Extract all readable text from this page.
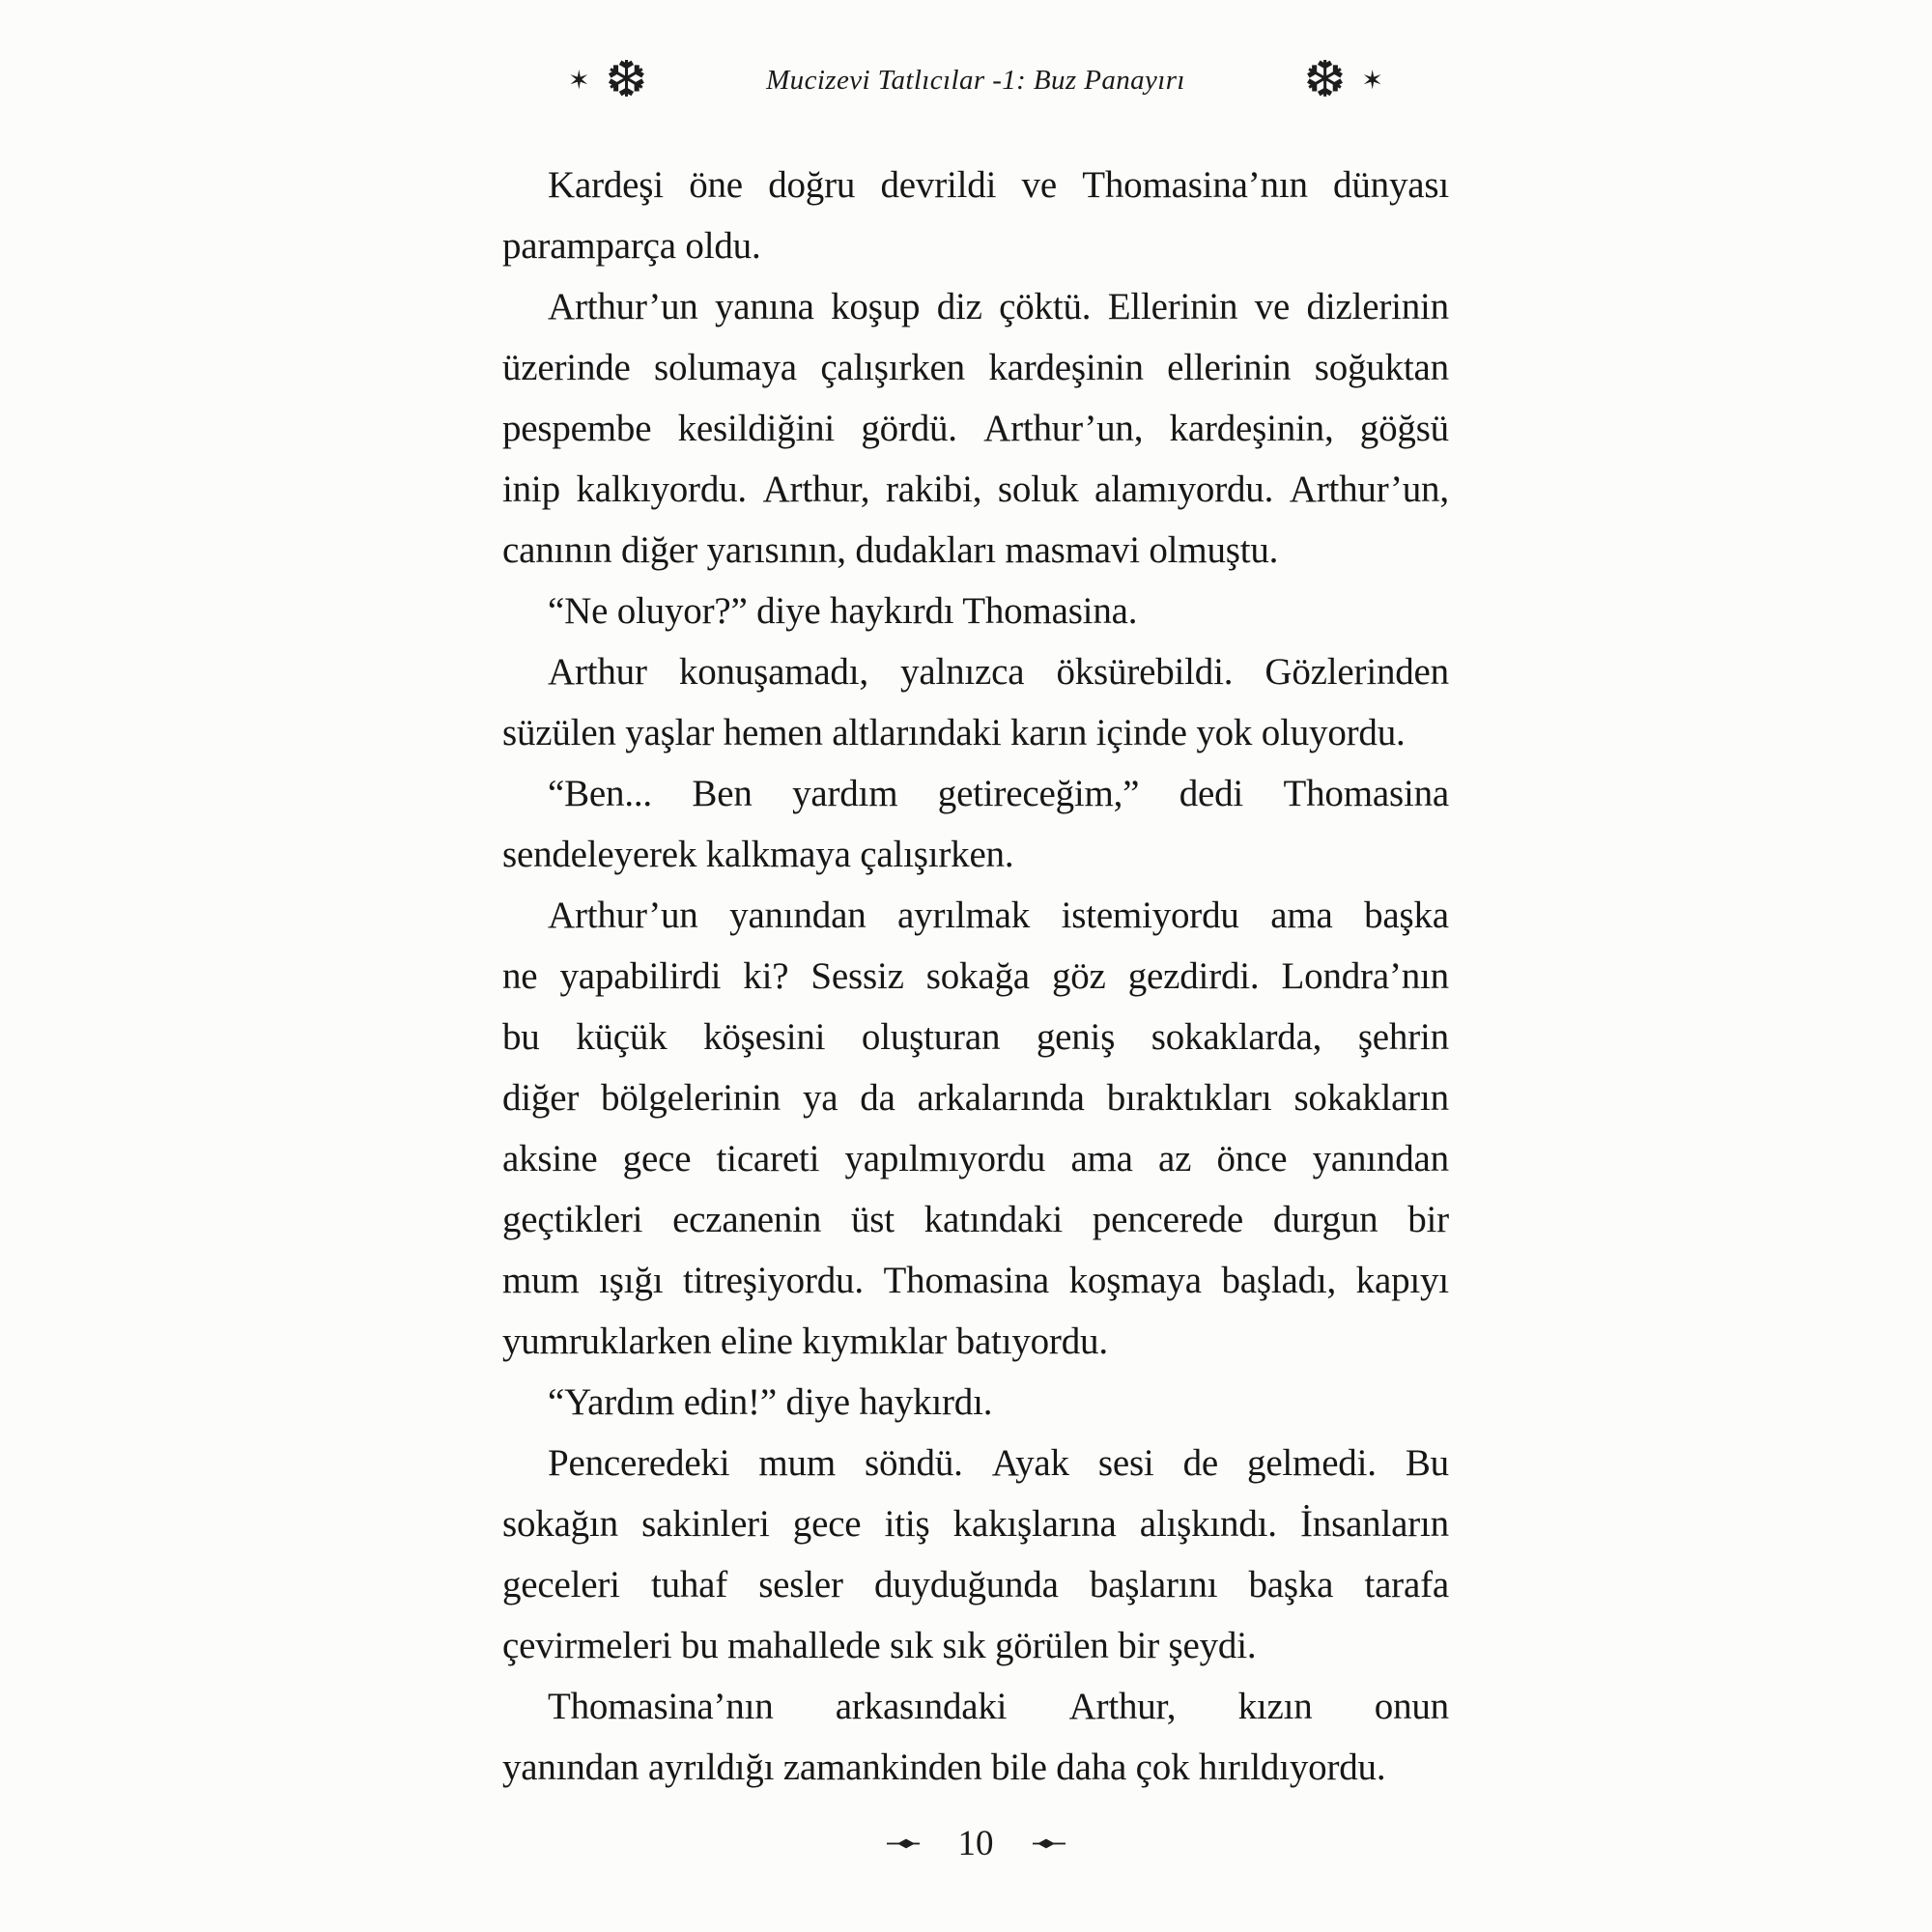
✶ ❆	Mucizevi Tatlıcılar -1: Buz Panayırı	❆ ✶
Kardeşi öne doğru devrildi ve Thomasina’nın dünyası
paramparça oldu.
Arthur’un yanına koşup diz çöktü. Ellerinin ve dizlerinin
üzerinde solumaya çalışırken kardeşinin ellerinin soğuktan
pespembe kesildiğini gördü. Arthur’un, kardeşinin, göğsü
inip kalkıyordu. Arthur, rakibi, soluk alamıyordu. Arthur’un,
canının diğer yarısının, dudakları masmavi olmuştu.
“Ne oluyor?” diye haykırdı Thomasina.
Arthur konuşamadı, yalnızca öksürebildi. Gözlerinden
süzülen yaşlar hemen altlarındaki karın içinde yok oluyordu.
“Ben... Ben yardım getireceğim,” dedi Thomasina
sendeleyerek kalkmaya çalışırken.
Arthur’un yanından ayrılmak istemiyordu ama başka
ne yapabilirdi ki? Sessiz sokağa göz gezdirdi. Londra’nın
bu küçük köşesini oluşturan geniş sokaklarda, şehrin
diğer bölgelerinin ya da arkalarında bıraktıkları sokakların
aksine gece ticareti yapılmıyordu ama az önce yanından
geçtikleri eczanenin üst katındaki pencerede durgun bir
mum ışığı titreşiyordu. Thomasina koşmaya başladı, kapıyı
yumruklarken eline kıymıklar batıyordu.
“Yardım edin!” diye haykırdı.
Penceredeki mum söndü. Ayak sesi de gelmedi. Bu
sokağın sakinleri gece itiş kakışlarına alışkındı. İnsanların
geceleri tuhaf sesler duyduğunda başlarını başka tarafa
çevirmeleri bu mahallede sık sık görülen bir şeydi.
Thomasina’nın arkasındaki Arthur, kızın onun
yanından ayrıldığı zamankinden bile daha çok hırıldıyordu.
10
